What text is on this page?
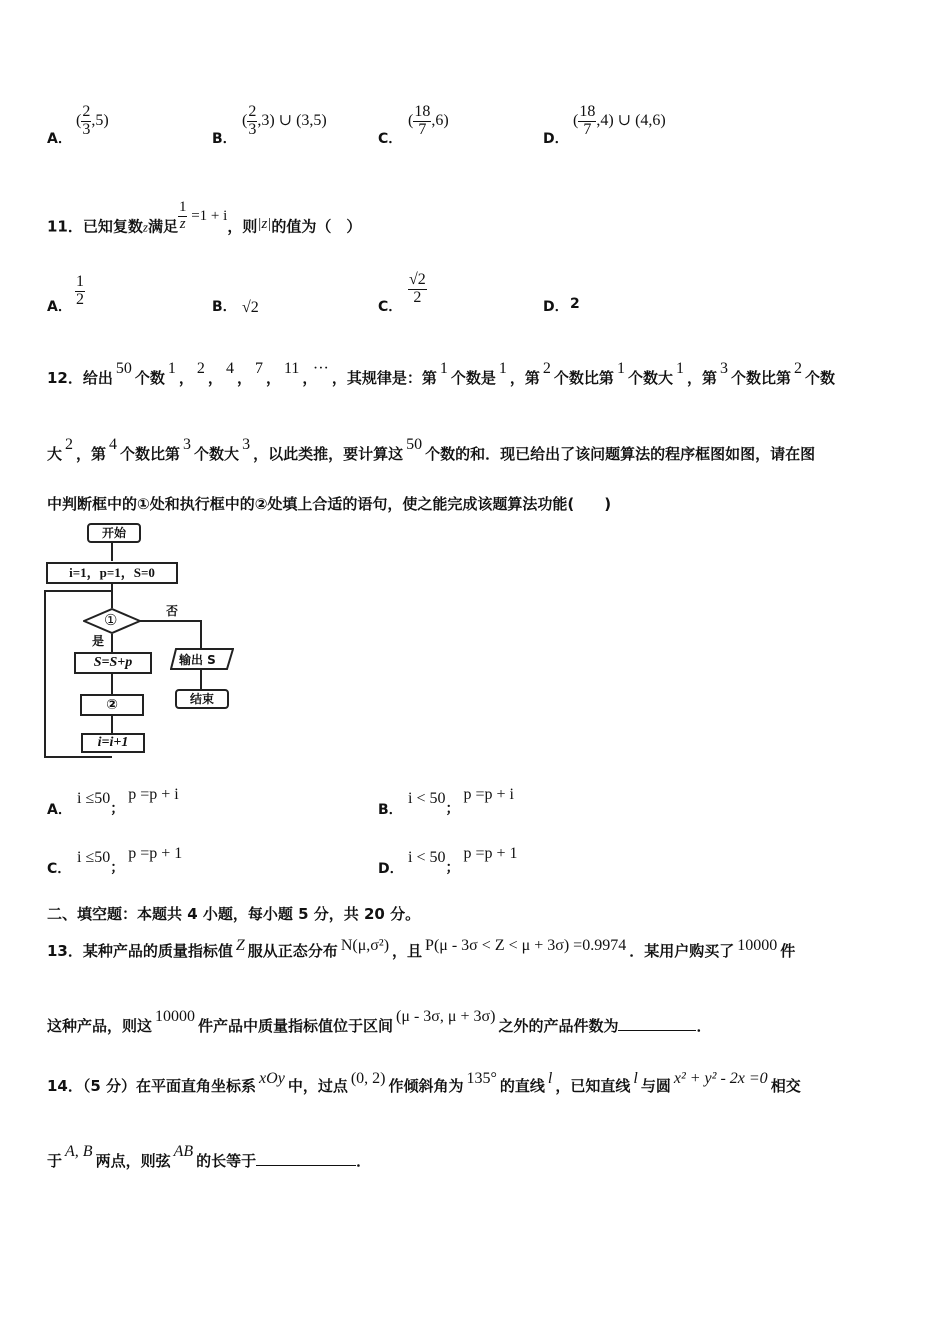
A．
( $\frac{2}{3} ,5$)
B．
( $\frac{2}{3} ,3$) ∪ (3,5)
C．
( $\frac{18}{7} ,6$)
D．
( $\frac{18}{7} ,4$) ∪ (4,6)
11．已知复数z满足 $\frac{1}{z} =1 + i$，则|z|的值为（　）
A． $\frac{1}{2}$	B． √2	C．
$\frac{√2}{2}$
D． 2
12．给出50个数1，2，4，7，11，···，其规律是：第1个数是1，第2个数比第1个数大1，第3个数比第2个数
大2，第4个数比第3个数大3，以此类推，要计算这50个数的和．现已给出了该问题算法的程序框图如图，请在图
中判断框中的①处和执行框中的②处填上合适的语句，使之能完成该题算法功能(　　)
开始
i=1，p=1，S=0
①	否
输出 S
结束
是
S=S+p
②
i=i+1
A．
i ≤50； p =p + i
B．
i < 50； p =p + i
C．
i ≤50； p =p + 1
D．
i < 50； p =p + 1
二、填空题：本题共 4 小题，每小题 5 分，共 20 分。
13．某种产品的质量指标值 Z 服从正态分布 N(μ,σ²) ，且 P(μ - 3σ < Z < μ + 3σ) =0.9974 ．某用户购买了 10000 件
这种产品，则这10000件产品中质量指标值位于区间(μ - 3σ, μ + 3σ)之外的产品件数为	．
14．（5 分）在平面直角坐标系 xOy 中，过点 (0, 2) 作倾斜角为 135° 的直线 l ，已知直线 l 与圆 x² + y² - 2x =0 相交
于A, B两点，则弦AB的长等于	．
